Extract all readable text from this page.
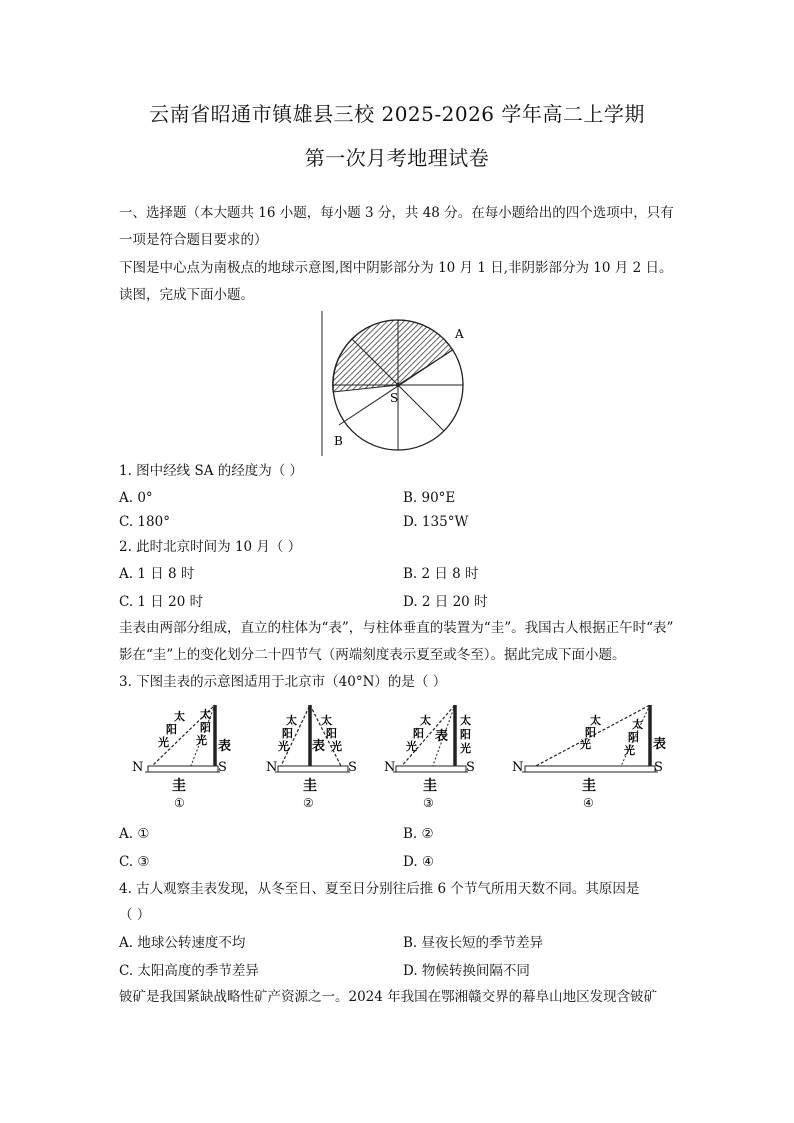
云南省昭通市镇雄县三校 2025-2026 学年高二上学期
第一次月考地理试卷
一、选择题（本大题共 16 小题，每小题 3 分，共 48 分。在每小题给出的四个选项中，只有
一项是符合题目要求的）
下图是中心点为南极点的地球示意图,图中阴影部分为 10 月 1 日,非阴影部分为 10 月 2 日。
读图，完成下面小题。
A
B
S
1. 图中经线 SA 的经度为（ ）
A. 0°	B. 90°E
C. 180°	D. 135°W
2. 此时北京时间为 10 月（ ）
A. 1 日 8 时	B. 2 日 8 时
C. 1 日 20 时	D. 2 日 20 时
圭表由两部分组成，直立的柱体为“表”，与柱体垂直的装置为“圭”。我国古人根据正午时“表”
影在“圭”上的变化划分二十四节气（两端刻度表示夏至或冬至）。据此完成下面小题。
3. 下图圭表的示意图适用于北京市（40°N）的是（ ）
N	S
圭
表
太
阳
光
太
阳
光
①
N	S
圭
表
太
阳
光
太
阳
光
②
N	S
圭
表
太
阳
光
太
阳
光
③
N	S
圭
表
太
阳
光
太
阳
光
④
A. ①	B. ②
C. ③	D. ④
4. 古人观察圭表发现，从冬至日、夏至日分别往后推 6 个节气所用天数不同。其原因是
（ ）
A. 地球公转速度不均	B. 昼夜长短的季节差异
C. 太阳高度的季节差异	D. 物候转换间隔不同
铍矿是我国紧缺战略性矿产资源之一。2024 年我国在鄂湘赣交界的幕阜山地区发现含铍矿
